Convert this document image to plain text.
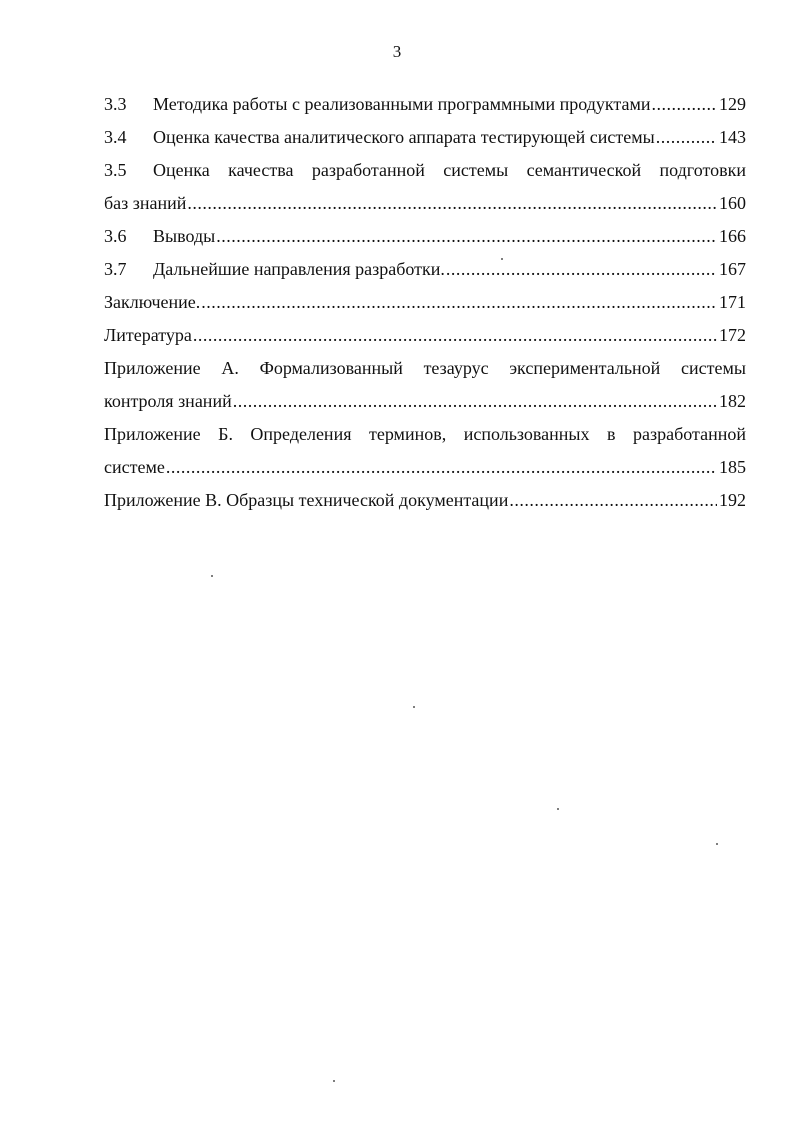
3
3.3	Методика работы с реализованными программными продуктами .....	129
3.4	Оценка качества аналитического аппарата тестирующей системы .....	143
3.5	Оценка качества разработанной системы семантической подготовки
баз знаний .....	160
3.6	Выводы .....	166
3.7	Дальнейшие направления разработки. .....	167
Заключение. .....	171
Литература .....	172
Приложение А. Формализованный тезаурус экспериментальной системы
контроля знаний .....	182
Приложение Б. Определения терминов, использованных в разработанной
системе .....	185
Приложение В. Образцы технической документации .....	192
